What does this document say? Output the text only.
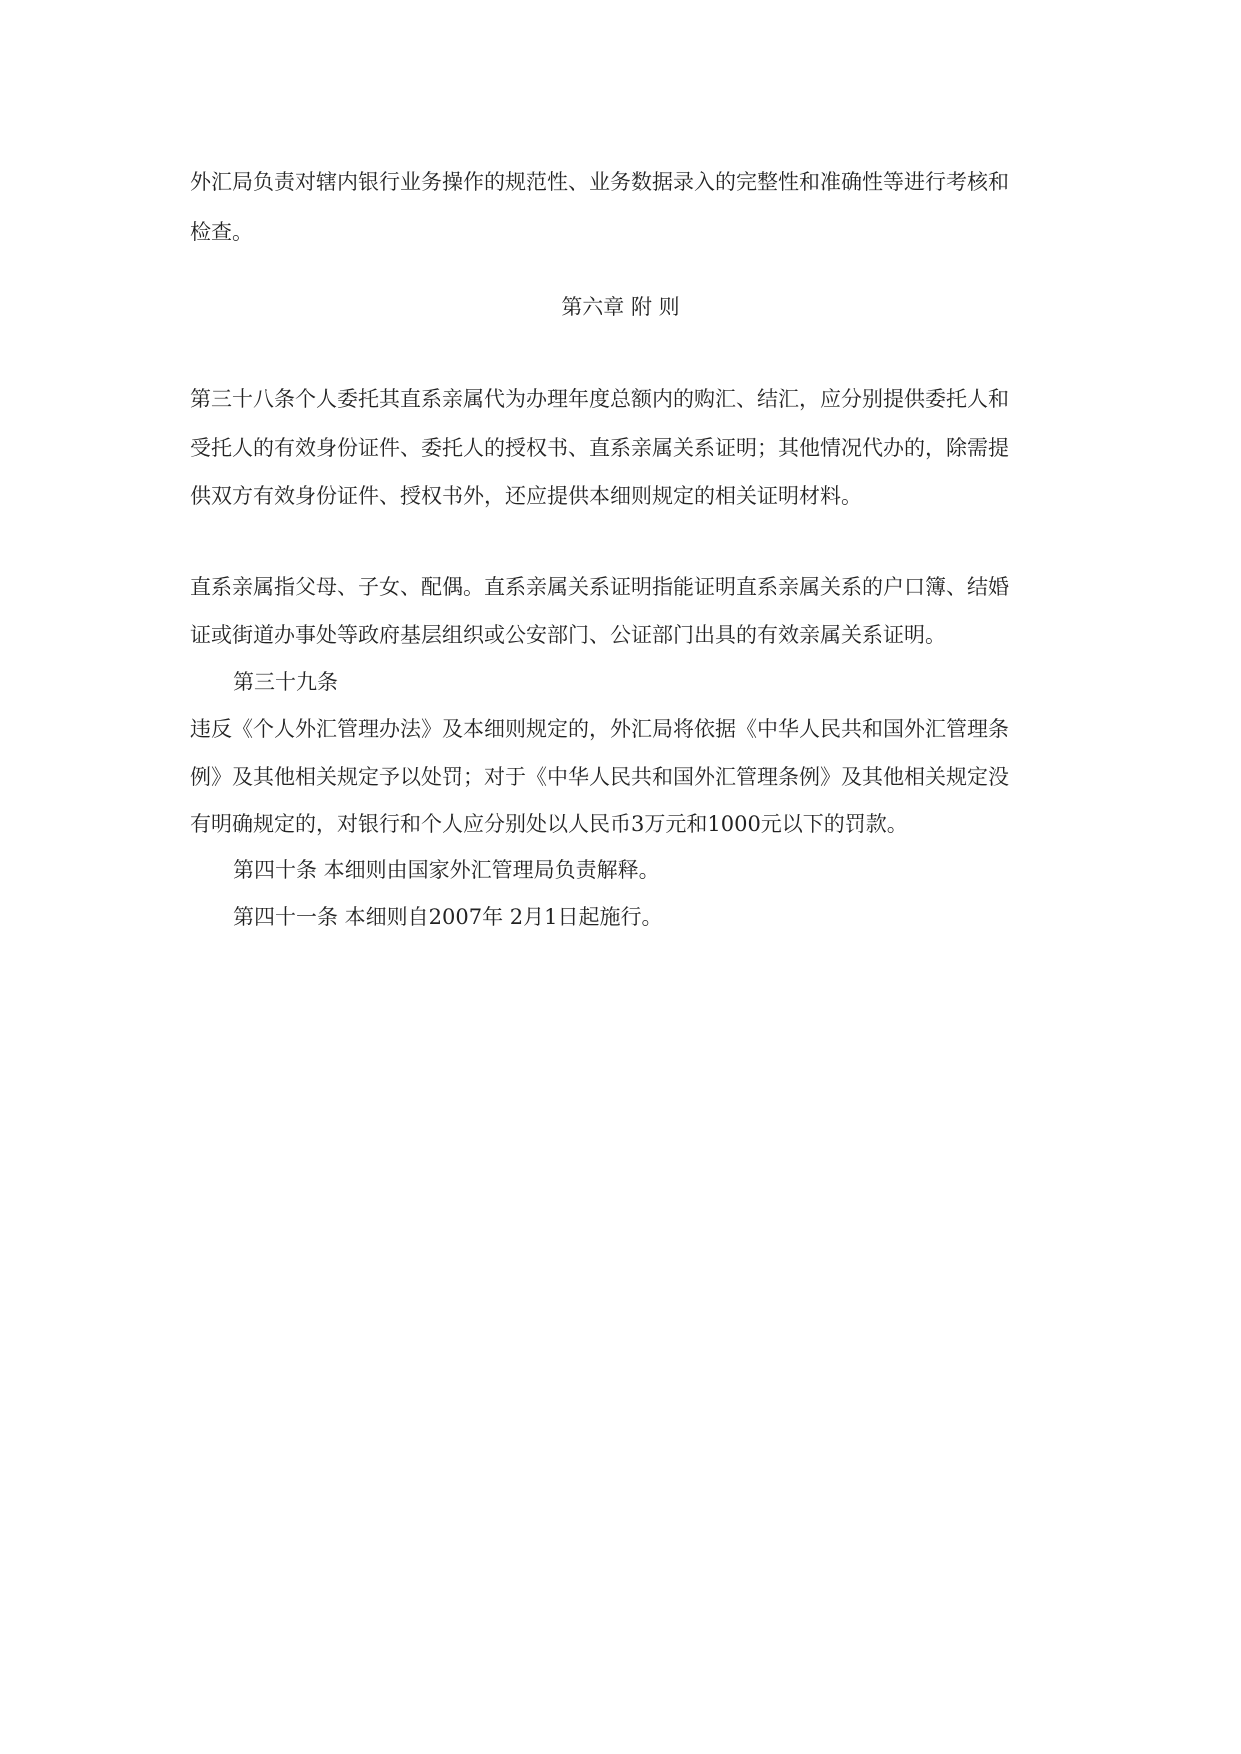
外汇局负责对辖内银行业务操作的规范性、业务数据录入的完整性和准确性等进行考核和
检查。
第六章 附 则
第三十八条个人委托其直系亲属代为办理年度总额内的购汇、结汇，应分别提供委托人和
受托人的有效身份证件、委托人的授权书、直系亲属关系证明；其他情况代办的，除需提
供双方有效身份证件、授权书外，还应提供本细则规定的相关证明材料。
直系亲属指父母、子女、配偶。直系亲属关系证明指能证明直系亲属关系的户口簿、结婚
证或街道办事处等政府基层组织或公安部门、公证部门出具的有效亲属关系证明。
第三十九条
违反《个人外汇管理办法》及本细则规定的，外汇局将依据《中华人民共和国外汇管理条
例》及其他相关规定予以处罚；对于《中华人民共和国外汇管理条例》及其他相关规定没
有明确规定的，对银行和个人应分别处以人民币3万元和1000元以下的罚款。
第四十条 本细则由国家外汇管理局负责解释。
第四十一条 本细则自2007年 2月1日起施行。
